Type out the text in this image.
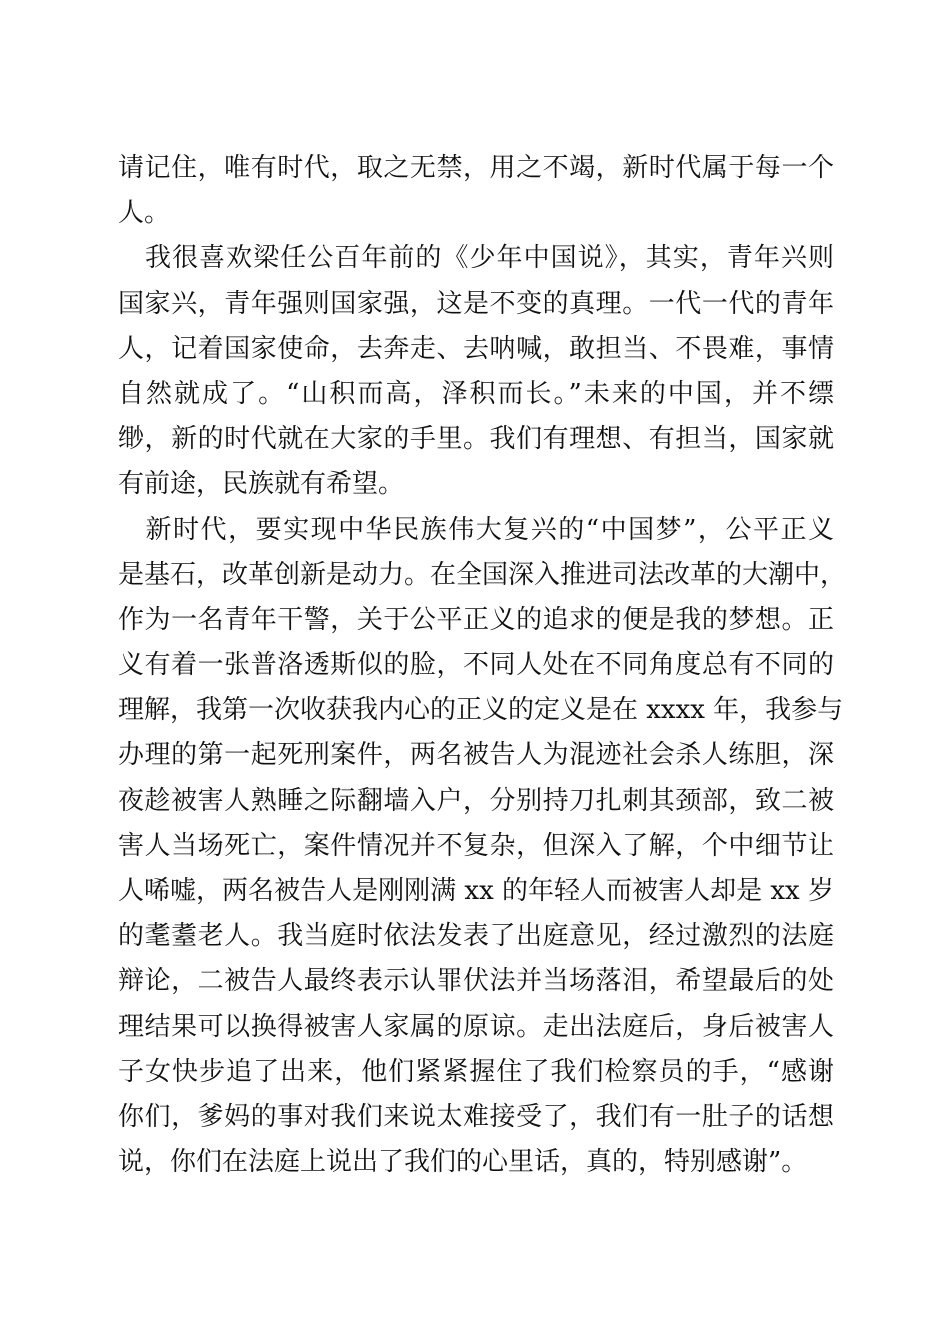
请记住，唯有时代，取之无禁，用之不竭，新时代属于每一个
人。
　我很喜欢梁任公百年前的《少年中国说》，其实，青年兴则
国家兴，青年强则国家强，这是不变的真理。一代一代的青年
人，记着国家使命，去奔走、去呐喊，敢担当、不畏难，事情
自然就成了。“山积而高，泽积而长。”未来的中国，并不缥
缈，新的时代就在大家的手里。我们有理想、有担当，国家就
有前途，民族就有希望。
　新时代，要实现中华民族伟大复兴的“中国梦”，公平正义
是基石，改革创新是动力。在全国深入推进司法改革的大潮中，
作为一名青年干警，关于公平正义的追求的便是我的梦想。正
义有着一张普洛透斯似的脸，不同人处在不同角度总有不同的
理解，我第一次收获我内心的正义的定义是在 xxxx 年，我参与
办理的第一起死刑案件，两名被告人为混迹社会杀人练胆，深
夜趁被害人熟睡之际翻墙入户，分别持刀扎刺其颈部，致二被
害人当场死亡，案件情况并不复杂，但深入了解，个中细节让
人唏嘘，两名被告人是刚刚满 xx 的年轻人而被害人却是 xx 岁
的耄耋老人。我当庭时依法发表了出庭意见，经过激烈的法庭
辩论，二被告人最终表示认罪伏法并当场落泪，希望最后的处
理结果可以换得被害人家属的原谅。走出法庭后，身后被害人
子女快步追了出来，他们紧紧握住了我们检察员的手，“感谢
你们，爹妈的事对我们来说太难接受了，我们有一肚子的话想
说，你们在法庭上说出了我们的心里话，真的，特别感谢”。
